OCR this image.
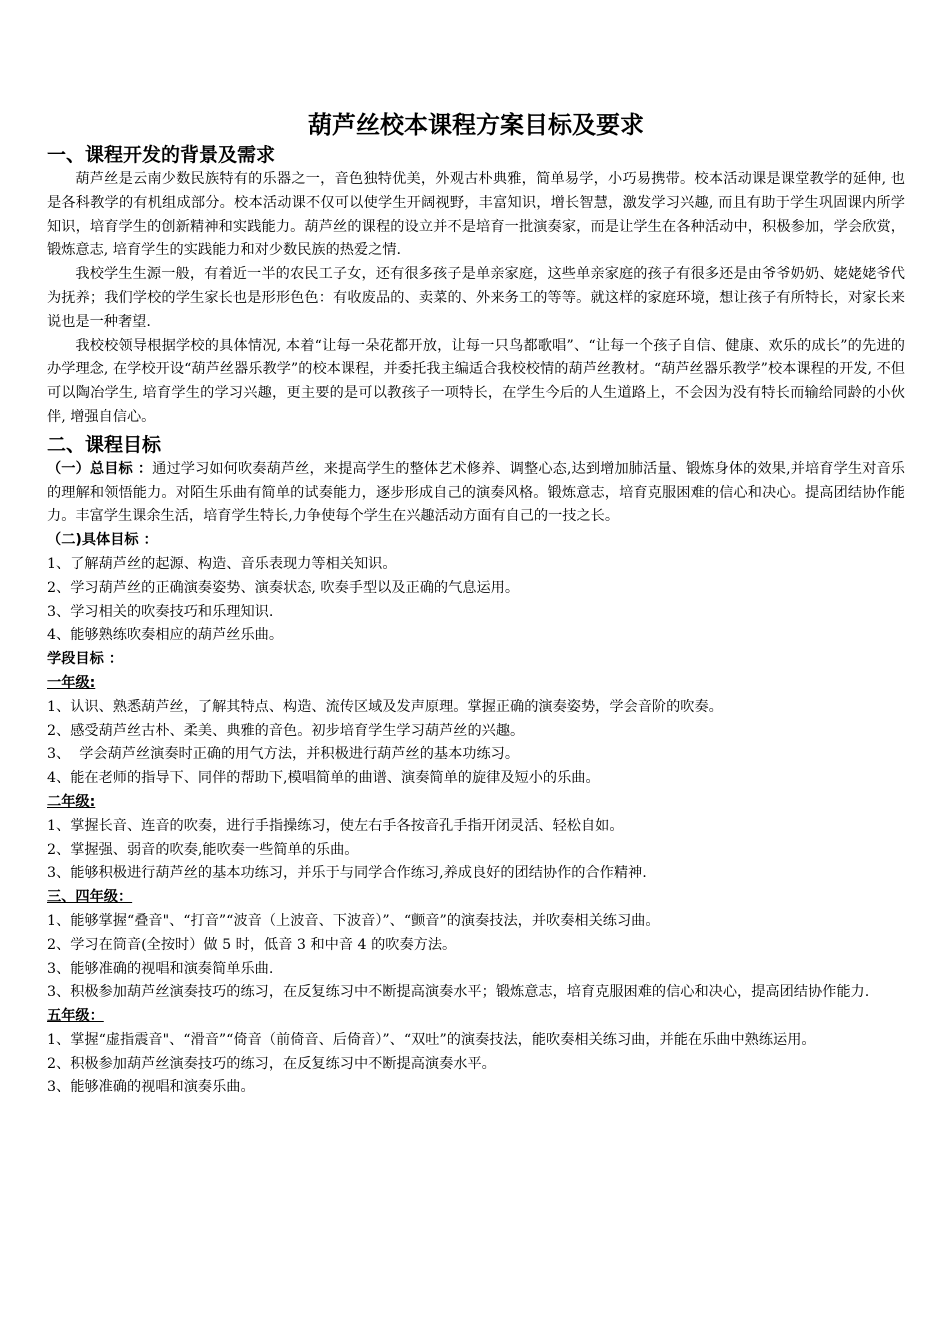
葫芦丝校本课程方案目标及要求
一、课程开发的背景及需求

葫芦丝是云南少数民族特有的乐器之一，音色独特优美，外观古朴典雅，简单易学，小巧易携带。校本活动课是课堂教学的延伸, 也是各科教学的有机组成部分。校本活动课不仅可以使学生开阔视野，丰富知识，增长智慧，激发学习兴趣, 而且有助于学生巩固课内所学知识，培育学生的创新精神和实践能力。葫芦丝的课程的设立并不是培育一批演奏家，而是让学生在各种活动中，积极参加，学会欣赏，锻炼意志, 培育学生的实践能力和对少数民族的热爱之情.

我校学生生源一般，有着近一半的农民工子女，还有很多孩子是单亲家庭，这些单亲家庭的孩子有很多还是由爷爷奶奶、姥姥姥爷代为抚养；我们学校的学生家长也是形形色色：有收废品的、卖菜的、外来务工的等等。就这样的家庭环境，想让孩子有所特长，对家长来说也是一种奢望.

我校校领导根据学校的具体情况, 本着“让每一朵花都开放，让每一只鸟都歌唱”、“让每一个孩子自信、健康、欢乐的成长”的先进的办学理念, 在学校开设“葫芦丝器乐教学”的校本课程，并委托我主编适合我校校情的葫芦丝教材。“葫芦丝器乐教学”校本课程的开发, 不但可以陶冶学生, 培育学生的学习兴趣，更主要的是可以教孩子一项特长，在学生今后的人生道路上，不会因为没有特长而输给同龄的小伙伴, 增强自信心。

二、课程目标

（一）总目标 ：通过学习如何吹奏葫芦丝，来提高学生的整体艺术修养、调整心态,达到增加肺活量、锻炼身体的效果,并培育学生对音乐的理解和领悟能力。对陌生乐曲有简单的试奏能力，逐步形成自己的演奏风格。锻炼意志，培育克服困难的信心和决心。提高团结协作能力。丰富学生课余生活，培育学生特长,力争使每个学生在兴趣活动方面有自己的一技之长。

（二)具体目标 ：

1、了解葫芦丝的起源、构造、音乐表现力等相关知识。

2、学习葫芦丝的正确演奏姿势、演奏状态, 吹奏手型以及正确的气息运用。

3、学习相关的吹奏技巧和乐理知识.

4、能够熟练吹奏相应的葫芦丝乐曲。

学段目标 ：

一年级:

1、认识、熟悉葫芦丝，了解其特点、构造、流传区域及发声原理。掌握正确的演奏姿势，学会音阶的吹奏。

2、感受葫芦丝古朴、柔美、典雅的音色。初步培育学生学习葫芦丝的兴趣。

3、  学会葫芦丝演奏时正确的用气方法，并积极进行葫芦丝的基本功练习。

4、能在老师的指导下、同伴的帮助下,模唱简单的曲谱、演奏简单的旋律及短小的乐曲。

二年级:

1、掌握长音、连音的吹奏，进行手指操练习，使左右手各按音孔手指开闭灵活、轻松自如。

2、掌握强、弱音的吹奏,能吹奏一些简单的乐曲。

3、能够积极进行葫芦丝的基本功练习，并乐于与同学合作练习,养成良好的团结协作的合作精神.

三、四年级：

1、能够掌握“叠音"、“打音”“波音（上波音、下波音）”、“颤音”的演奏技法，并吹奏相关练习曲。

2、学习在筒音(全按时）做 5 时，低音 3 和中音 4 的吹奏方法。

3、能够准确的视唱和演奏简单乐曲.

3、积极参加葫芦丝演奏技巧的练习，在反复练习中不断提高演奏水平；锻炼意志，培育克服困难的信心和决心，提高团结协作能力.

五年级：

1、掌握“虚指震音"、“滑音”“倚音（前倚音、后倚音）”、“双吐”的演奏技法，能吹奏相关练习曲，并能在乐曲中熟练运用。

2、积极参加葫芦丝演奏技巧的练习，在反复练习中不断提高演奏水平。

3、能够准确的视唱和演奏乐曲。
